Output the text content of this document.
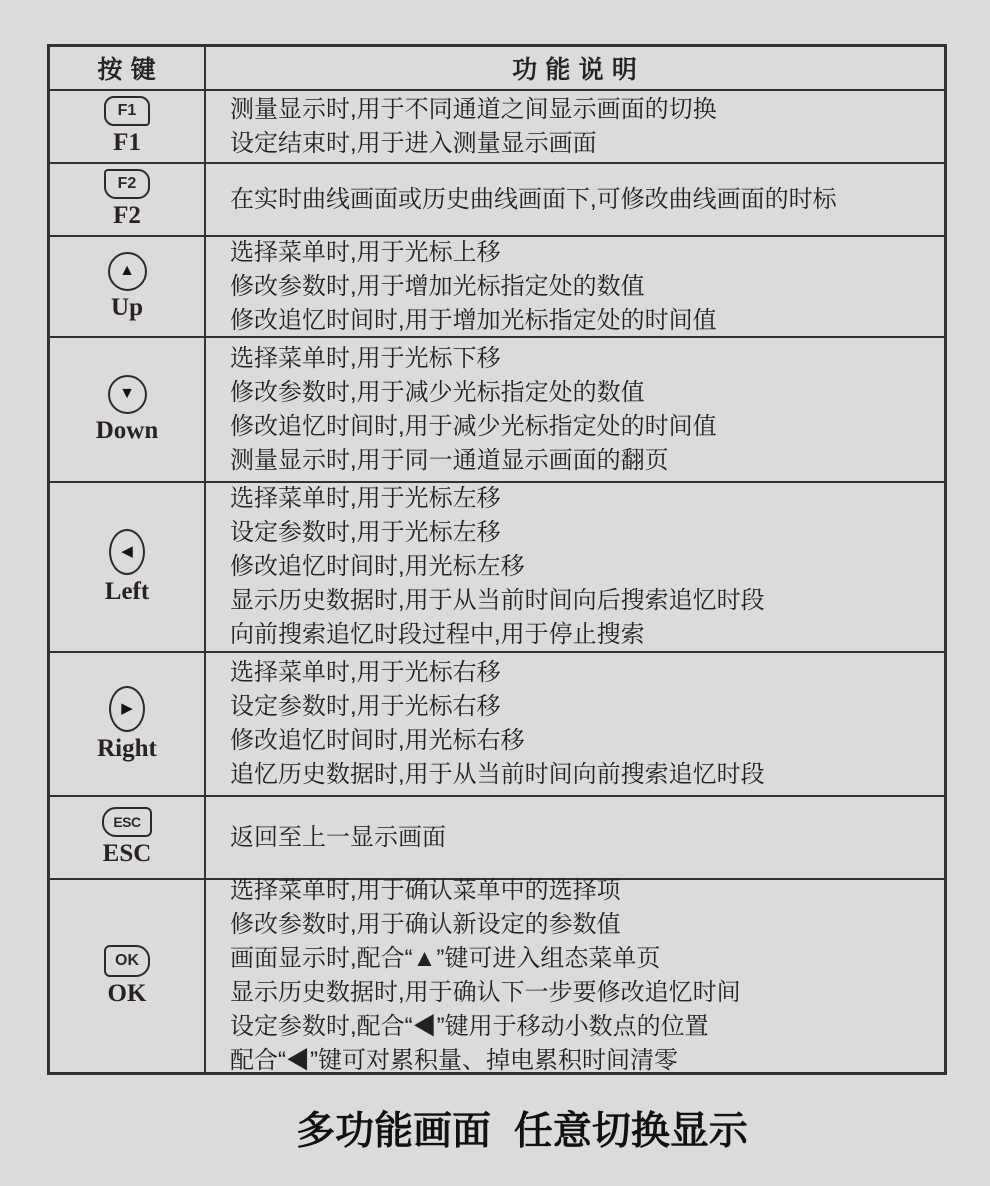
按 键	功 能 说 明
F1
F1
测量显示时,用于不同通道之间显示画面的切换
设定结束时,用于进入测量显示画面
F2
F2
在实时曲线画面或历史曲线画面下,可修改曲线画面的时标
▲
Up
选择菜单时,用于光标上移
修改参数时,用于增加光标指定处的数值
修改追忆时间时,用于增加光标指定处的时间值
▼
Down
选择菜单时,用于光标下移
修改参数时,用于减少光标指定处的数值
修改追忆时间时,用于减少光标指定处的时间值
测量显示时,用于同一通道显示画面的翻页
◀
Left
选择菜单时,用于光标左移
设定参数时,用于光标左移
修改追忆时间时,用光标左移
显示历史数据时,用于从当前时间向后搜索追忆时段
向前搜索追忆时段过程中,用于停止搜索
▶
Right
选择菜单时,用于光标右移
设定参数时,用于光标右移
修改追忆时间时,用光标右移
追忆历史数据时,用于从当前时间向前搜索追忆时段
ESC
ESC
返回至上一显示画面
OK
OK
选择菜单时,用于确认菜单中的选择项
修改参数时,用于确认新设定的参数值
画面显示时,配合“▲”键可进入组态菜单页
显示历史数据时,用于确认下一步要修改追忆时间
设定参数时,配合“◀”键用于移动小数点的位置
配合“◀”键可对累积量、掉电累积时间清零
多功能画面 任意切换显示
